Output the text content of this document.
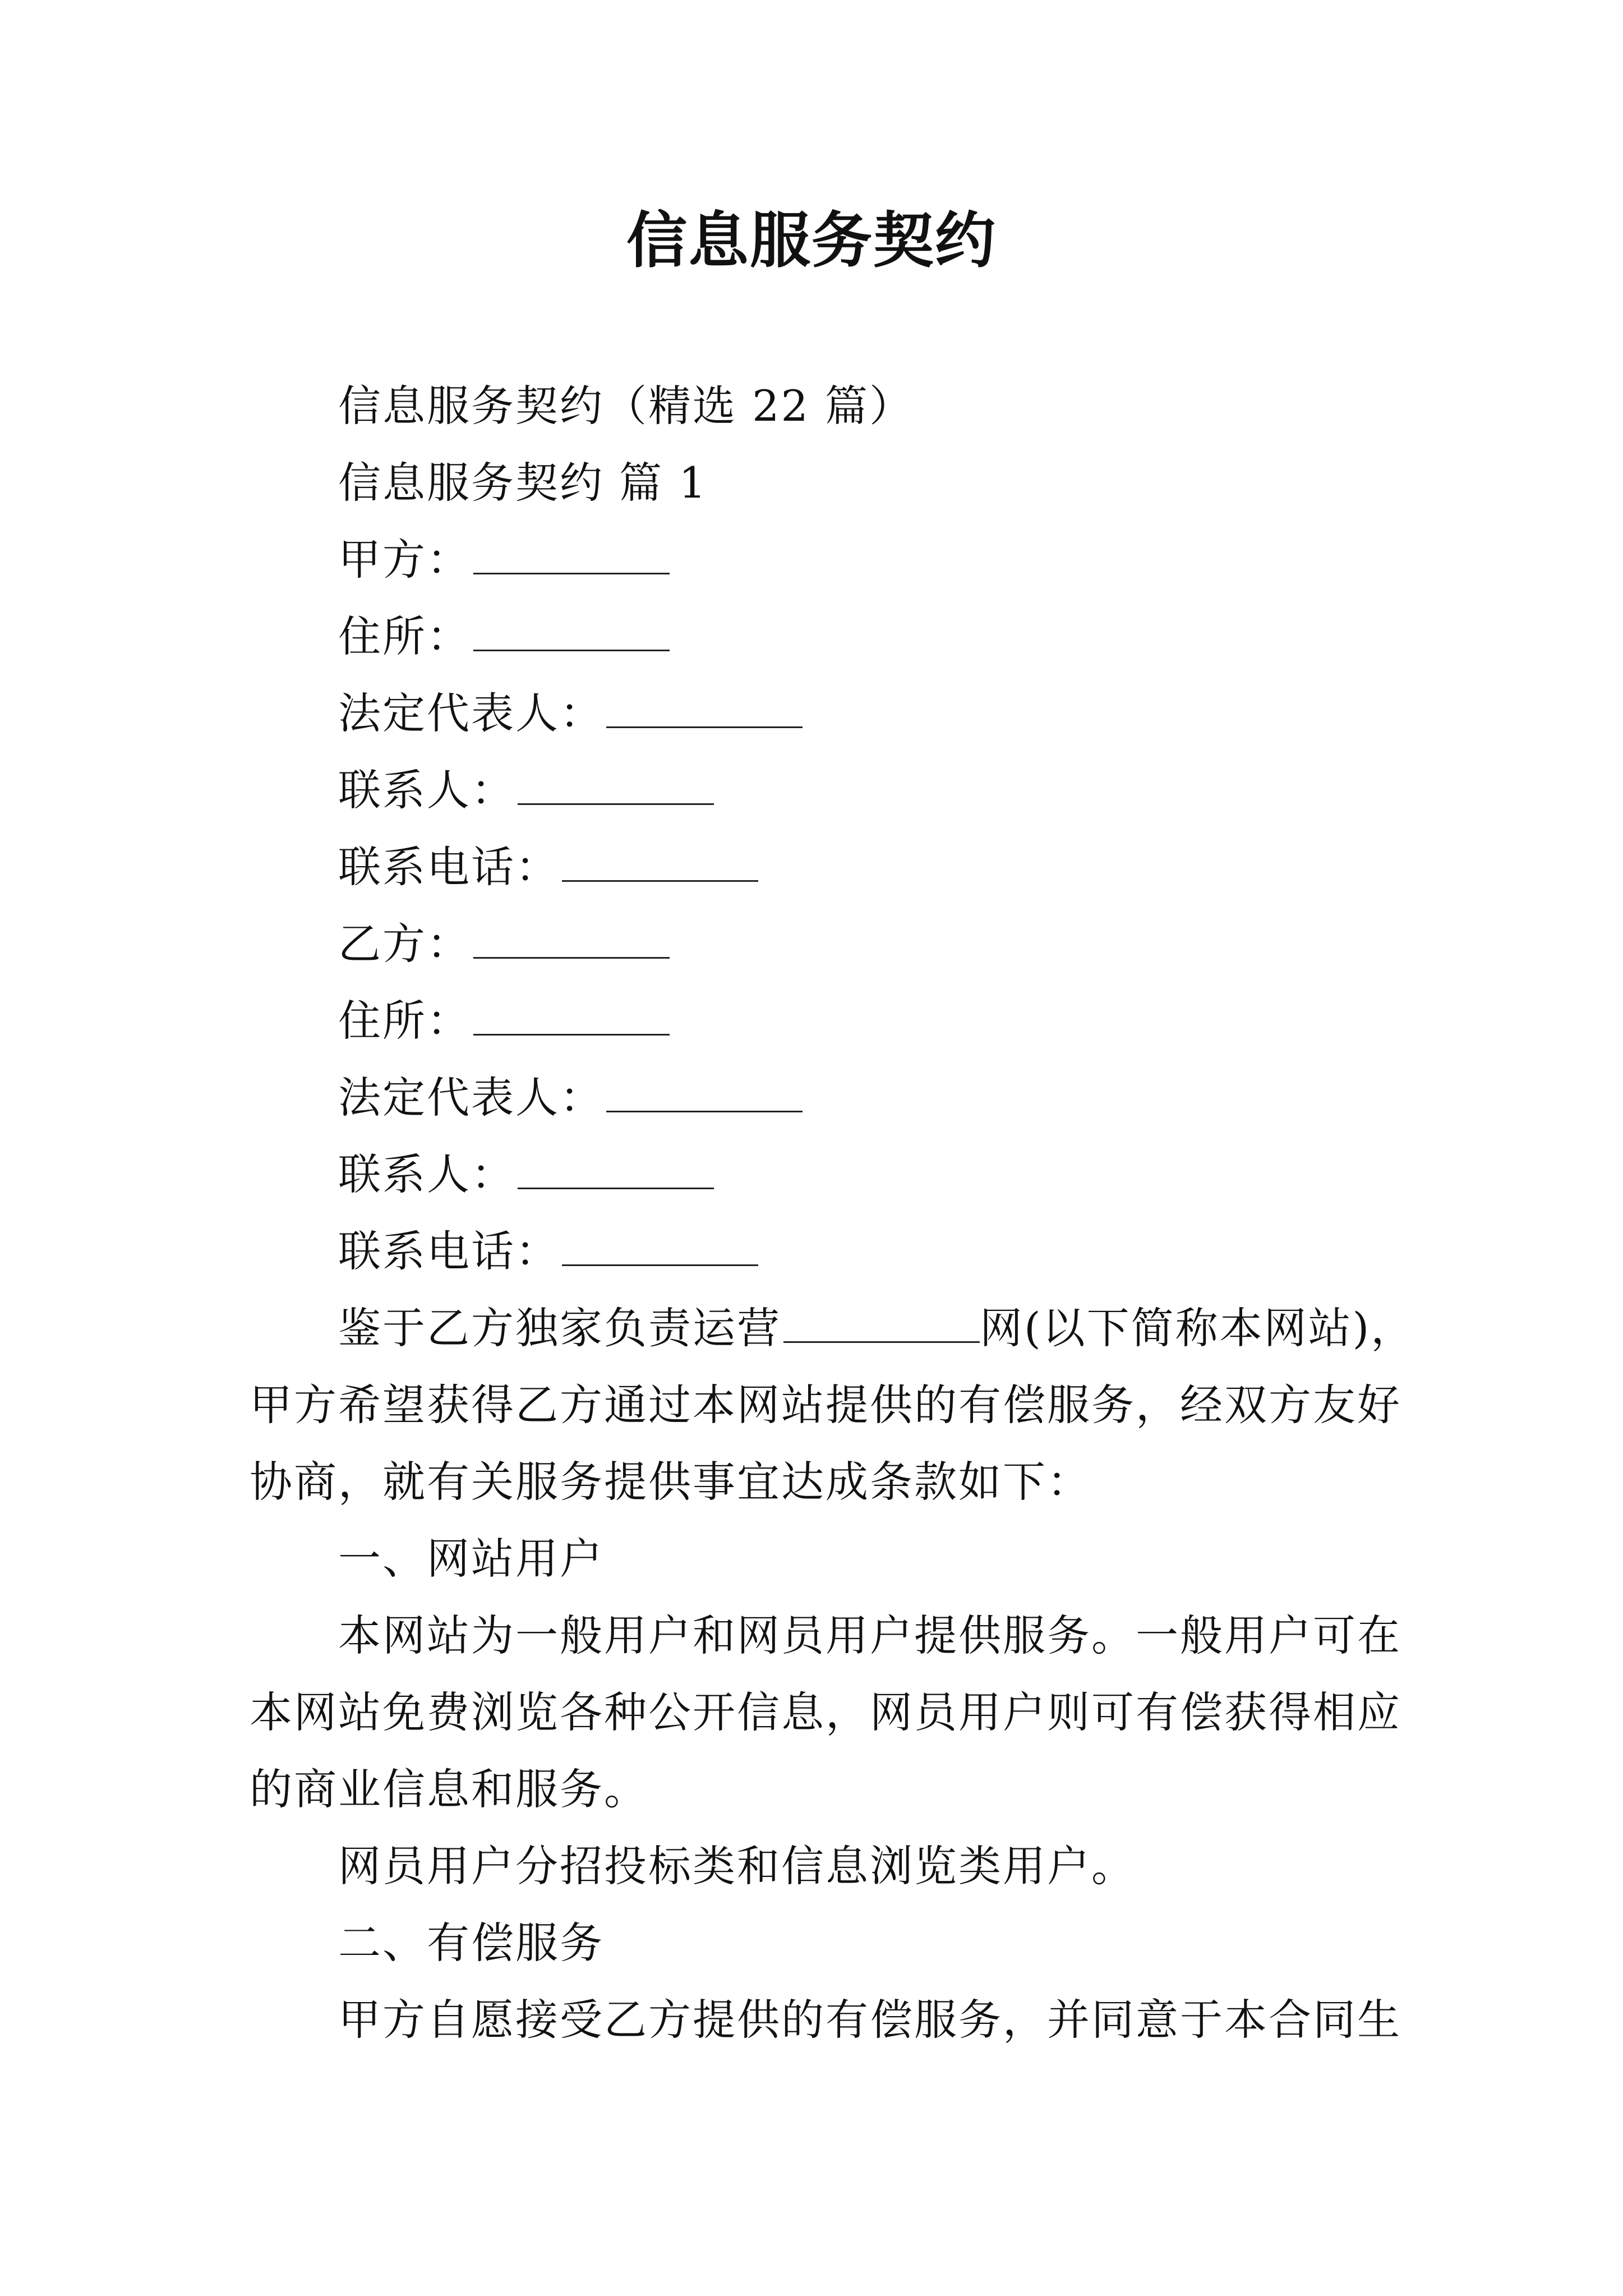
信息服务契约
信息服务契约（精选 22 篇）
信息服务契约 篇 1
甲方：
住所：
法定代表人：
联系人：
联系电话：
乙方：
住所：
法定代表人：
联系人：
联系电话：
鉴于乙方独家负责运营	网(以下简称本网站)，
甲方希望获得乙方通过本网站提供的有偿服务，经双方友好
协商，就有关服务提供事宜达成条款如下：
一、网站用户
本网站为一般用户和网员用户提供服务。一般用户可在
本网站免费浏览各种公开信息，网员用户则可有偿获得相应
的商业信息和服务。
网员用户分招投标类和信息浏览类用户。
二、有偿服务
甲方自愿接受乙方提供的有偿服务，并同意于本合同生
